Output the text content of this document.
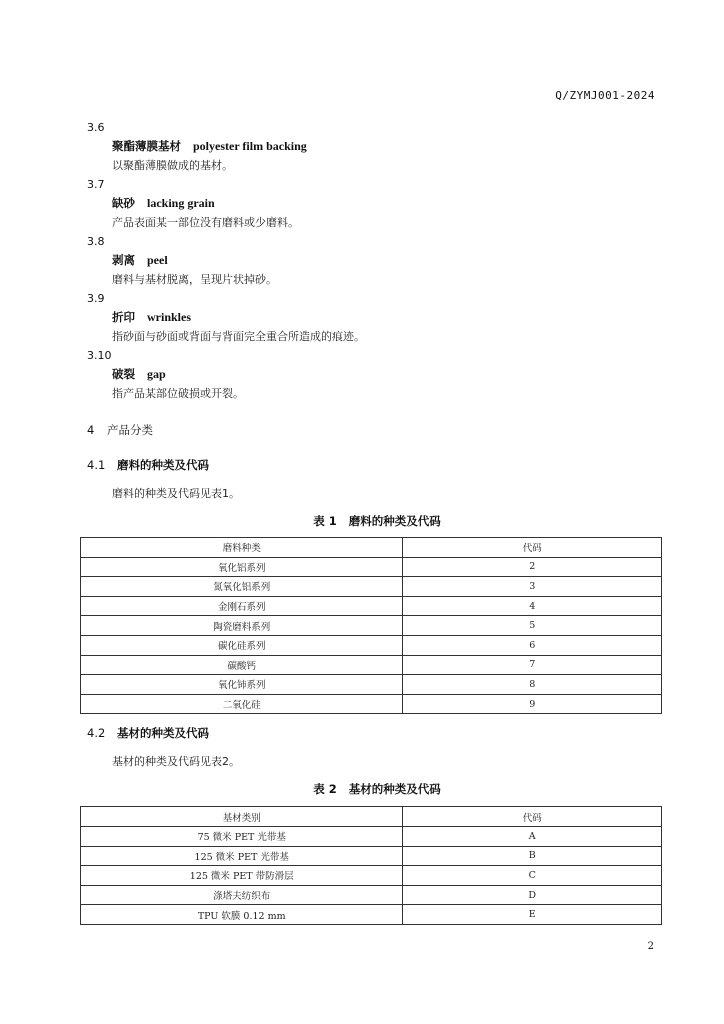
Q/ZYMJ001-2024
3.6
聚酯薄膜基材 polyester film backing
以聚酯薄膜做成的基材。
3.7
缺砂 lacking grain
产品表面某一部位没有磨料或少磨料。
3.8
剥离 peel
磨料与基材脱离，呈现片状掉砂。
3.9
折印 wrinkles
指砂面与砂面或背面与背面完全重合所造成的痕迹。
3.10
破裂 gap
指产品某部位破损或开裂。
4 产品分类
4.1 磨料的种类及代码
磨料的种类及代码见表1。
表 1 磨料的种类及代码
磨料种类	代码
氧化铝系列	2
氮氧化铝系列	3
金刚石系列	4
陶瓷磨料系列	5
碳化硅系列	6
碳酸钙	7
氧化铈系列	8
二氧化硅	9
4.2 基材的种类及代码
基材的种类及代码见表2。
表 2 基材的种类及代码
基材类别	代码
75 微米 PET 光带基	A
125 微米 PET 光带基	B
125 微米 PET 带防滑层	C
涤塔夫纺织布	D
TPU 软膜 0.12 mm	E
2
